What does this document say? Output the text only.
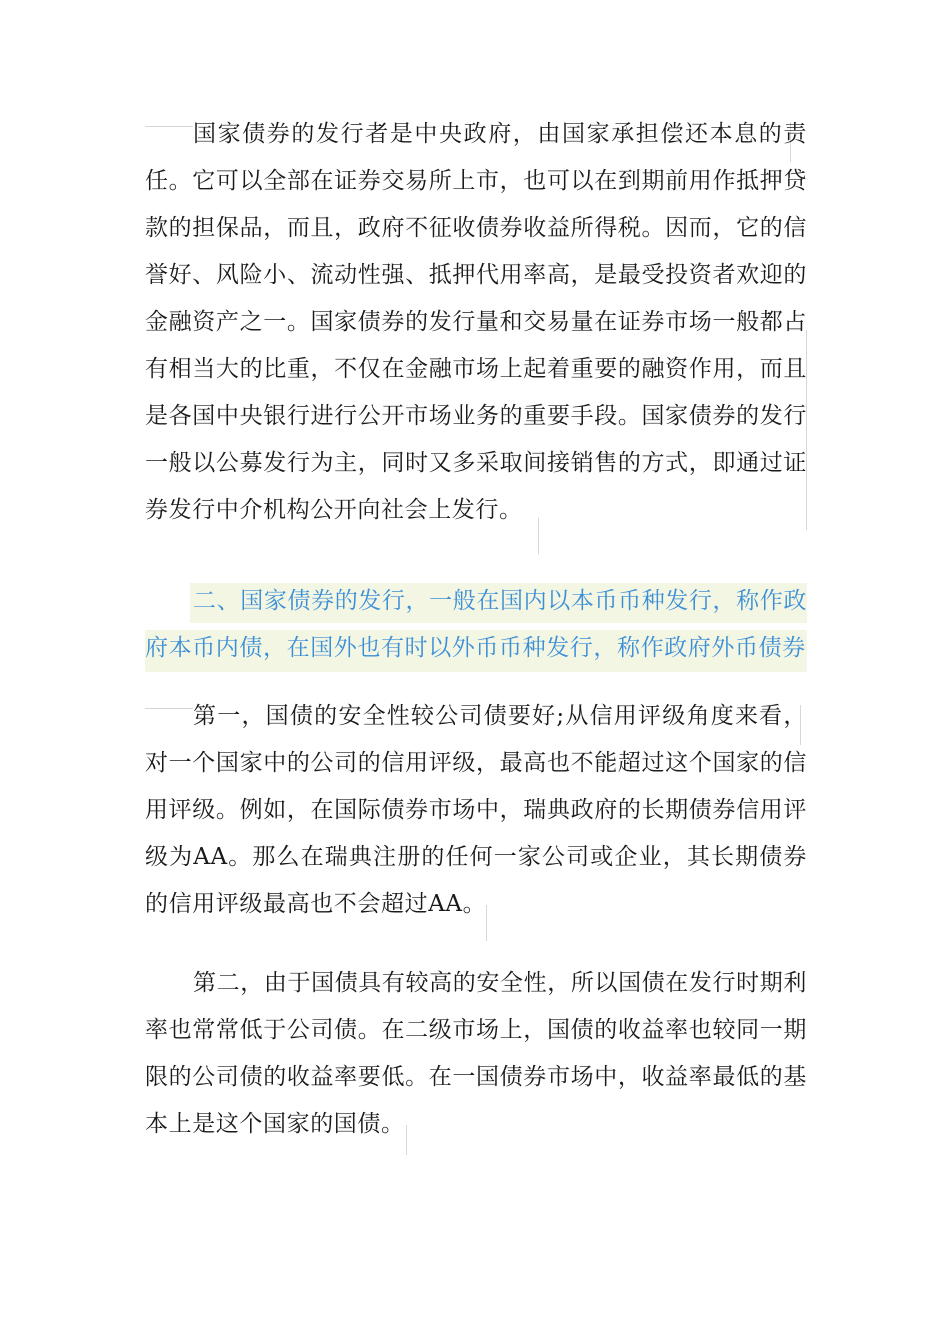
国家债券的发行者是中央政府，由国家承担偿还本息的责任。它可以全部在证券交易所上市，也可以在到期前用作抵押贷款的担保品，而且，政府不征收债券收益所得税。因而，它的信誉好、风险小、流动性强、抵押代用率高，是最受投资者欢迎的金融资产之一。国家债券的发行量和交易量在证券市场一般都占有相当大的比重，不仅在金融市场上起着重要的融资作用，而且是各国中央银行进行公开市场业务的重要手段。国家债券的发行一般以公募发行为主，同时又多采取间接销售的方式，即通过证券发行中介机构公开向社会上发行。

二、国家债券的发行，一般在国内以本币币种发行，称作政府本币内债，在国外也有时以外币币种发行，称作政府外币债券

第一，国债的安全性较公司债要好;从信用评级角度来看，对一个国家中的公司的信用评级，最高也不能超过这个国家的信用评级。例如，在国际债券市场中，瑞典政府的长期债券信用评级为AA。那么在瑞典注册的任何一家公司或企业，其长期债券的信用评级最高也不会超过AA。

第二，由于国债具有较高的安全性，所以国债在发行时期利率也常常低于公司债。在二级市场上，国债的收益率也较同一期限的公司债的收益率要低。在一国债券市场中，收益率最低的基本上是这个国家的国债。
